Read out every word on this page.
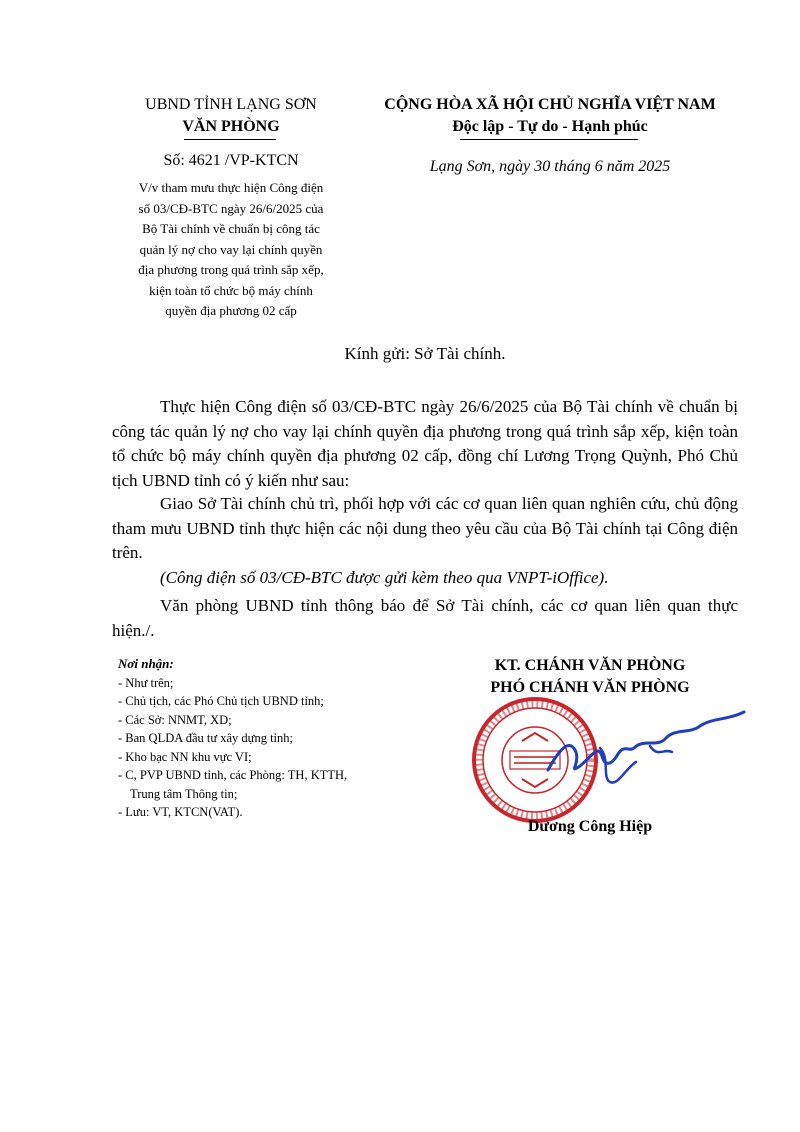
UBND TỈNH LẠNG SƠN
VĂN PHÒNG
Số: 4621 /VP-KTCN
V/v tham mưu thực hiện Công điện
số 03/CĐ-BTC ngày 26/6/2025 của
Bộ Tài chính về chuẩn bị công tác
quản lý nợ cho vay lại chính quyền
địa phương trong quá trình sắp xếp,
kiện toàn tổ chức bộ máy chính
quyền địa phương 02 cấp
CỘNG HÒA XÃ HỘI CHỦ NGHĨA VIỆT NAM
Độc lập - Tự do - Hạnh phúc
Lạng Sơn, ngày 30 tháng 6 năm 2025
Kính gửi: Sở Tài chính.

Thực hiện Công điện số 03/CĐ-BTC ngày 26/6/2025 của Bộ Tài chính về chuẩn bị công tác quản lý nợ cho vay lại chính quyền địa phương trong quá trình sắp xếp, kiện toàn tổ chức bộ máy chính quyền địa phương 02 cấp, đồng chí Lương Trọng Quỳnh, Phó Chủ tịch UBND tỉnh có ý kiến như sau:

Giao Sở Tài chính chủ trì, phối hợp với các cơ quan liên quan nghiên cứu, chủ động tham mưu UBND tỉnh thực hiện các nội dung theo yêu cầu của Bộ Tài chính tại Công điện trên.

(Công điện số 03/CĐ-BTC được gửi kèm theo qua VNPT-iOffice).

Văn phòng UBND tỉnh thông báo để Sở Tài chính, các cơ quan liên quan thực hiện./.

Nơi nhận:
- Như trên;
- Chủ tịch, các Phó Chủ tịch UBND tỉnh;
- Các Sở: NNMT, XD;
- Ban QLDA đầu tư xây dựng tỉnh;
- Kho bạc NN khu vực VI;
- C, PVP UBND tỉnh, các Phòng: TH, KTTH,
Trung tâm Thông tin;
- Lưu: VT, KTCN(VAT).
KT. CHÁNH VĂN PHÒNG
PHÓ CHÁNH VĂN PHÒNG
Dương Công Hiệp
